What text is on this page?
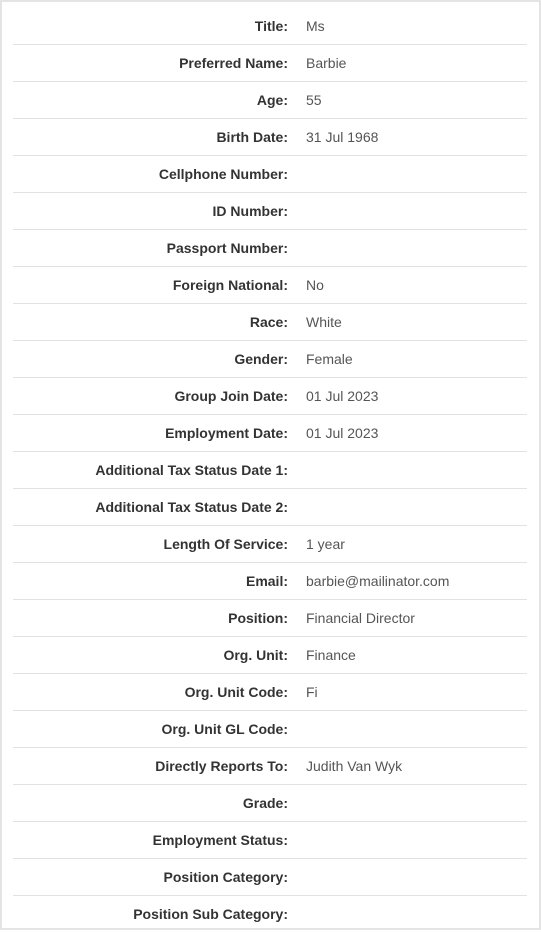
Title: Ms
Preferred Name: Barbie
Age: 55
Birth Date: 31 Jul 1968
Cellphone Number:
ID Number:
Passport Number:
Foreign National: No
Race: White
Gender: Female
Group Join Date: 01 Jul 2023
Employment Date: 01 Jul 2023
Additional Tax Status Date 1:
Additional Tax Status Date 2:
Length Of Service: 1 year
Email: barbie@mailinator.com
Position: Financial Director
Org. Unit: Finance
Org. Unit Code: Fi
Org. Unit GL Code:
Directly Reports To: Judith Van Wyk
Grade:
Employment Status:
Position Category:
Position Sub Category:
